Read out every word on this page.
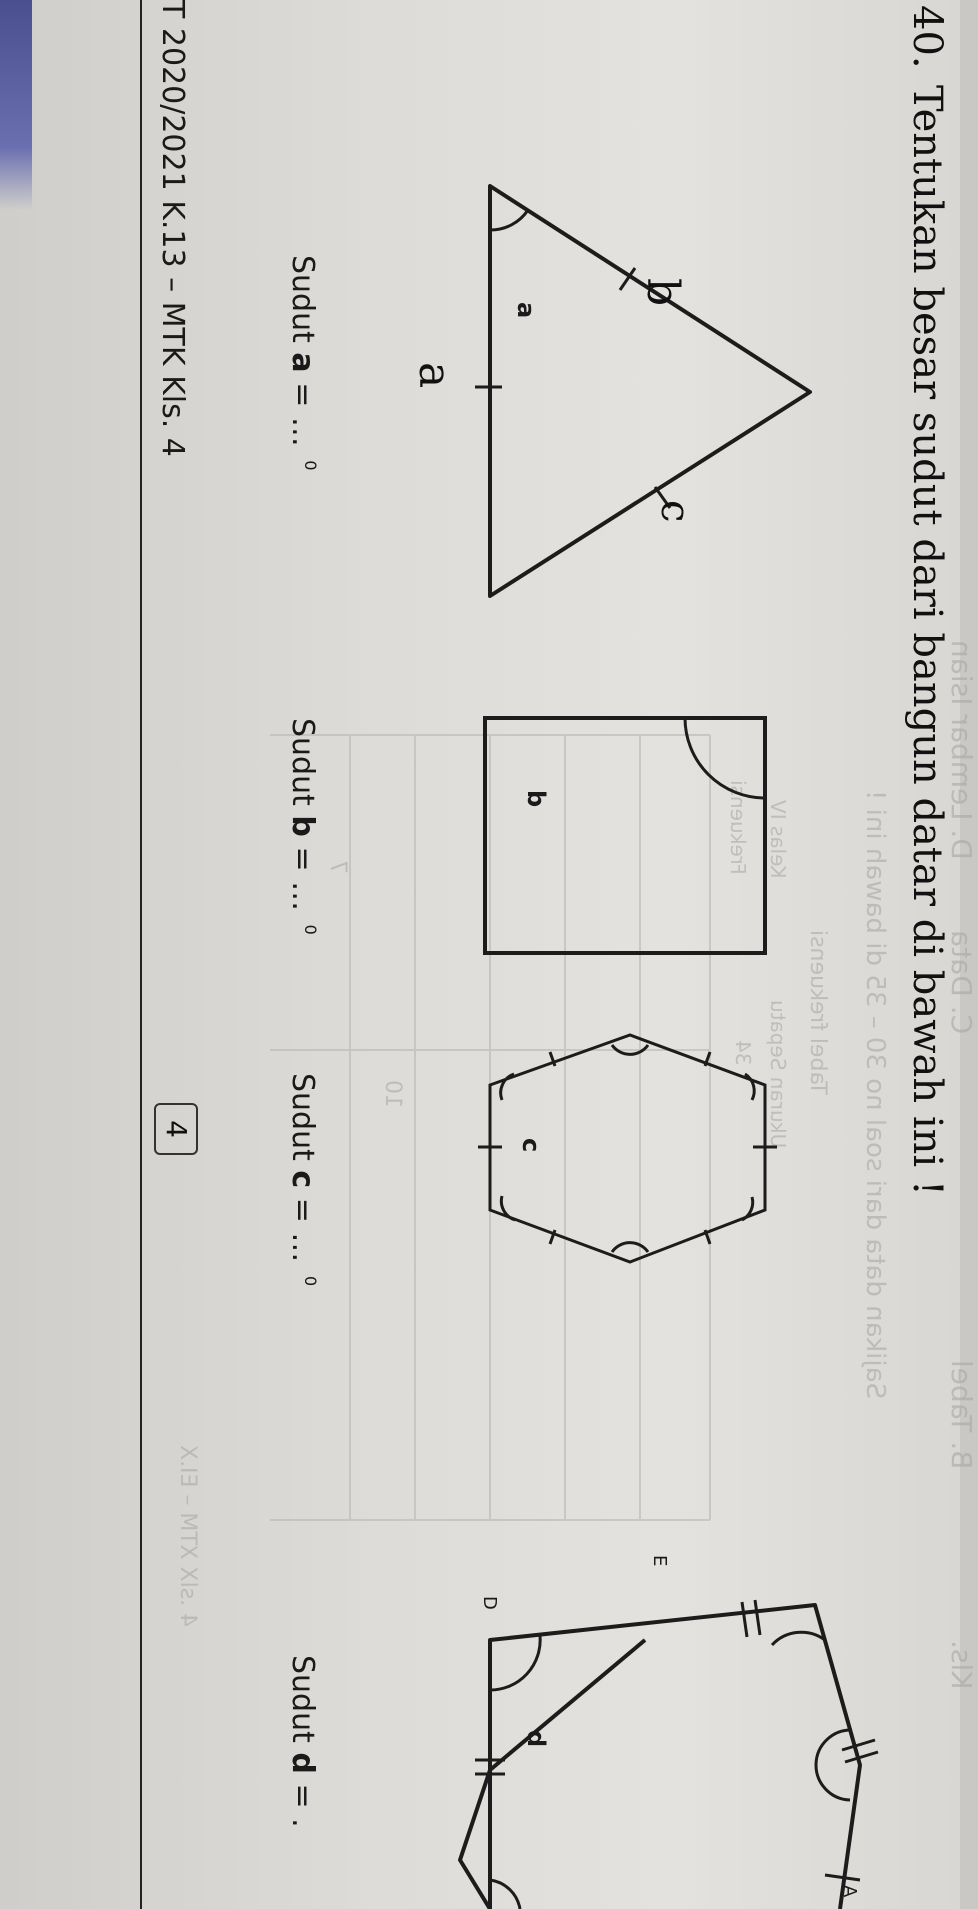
D. Lembar Isian
C. Data
B. Tabel
Kls.
Sajikan data dari soal no 30 – 35 di bawah ini !
Tabel frekuensi
Kelas IV
Ukuran Sepatu
Frekuensi
34
10
7
4 .slX XTM – EI.X
40.
Tentukan besar sudut dari bangun datar di bawah ini !
b
a
c
a
b
c
A
E
D
d
Sudut a = … $^0$
Sudut b = … $^0$
Sudut c = … $^0$
Sudut d = .
T 2020/2021 K.13 – MTK Kls. 4
4
